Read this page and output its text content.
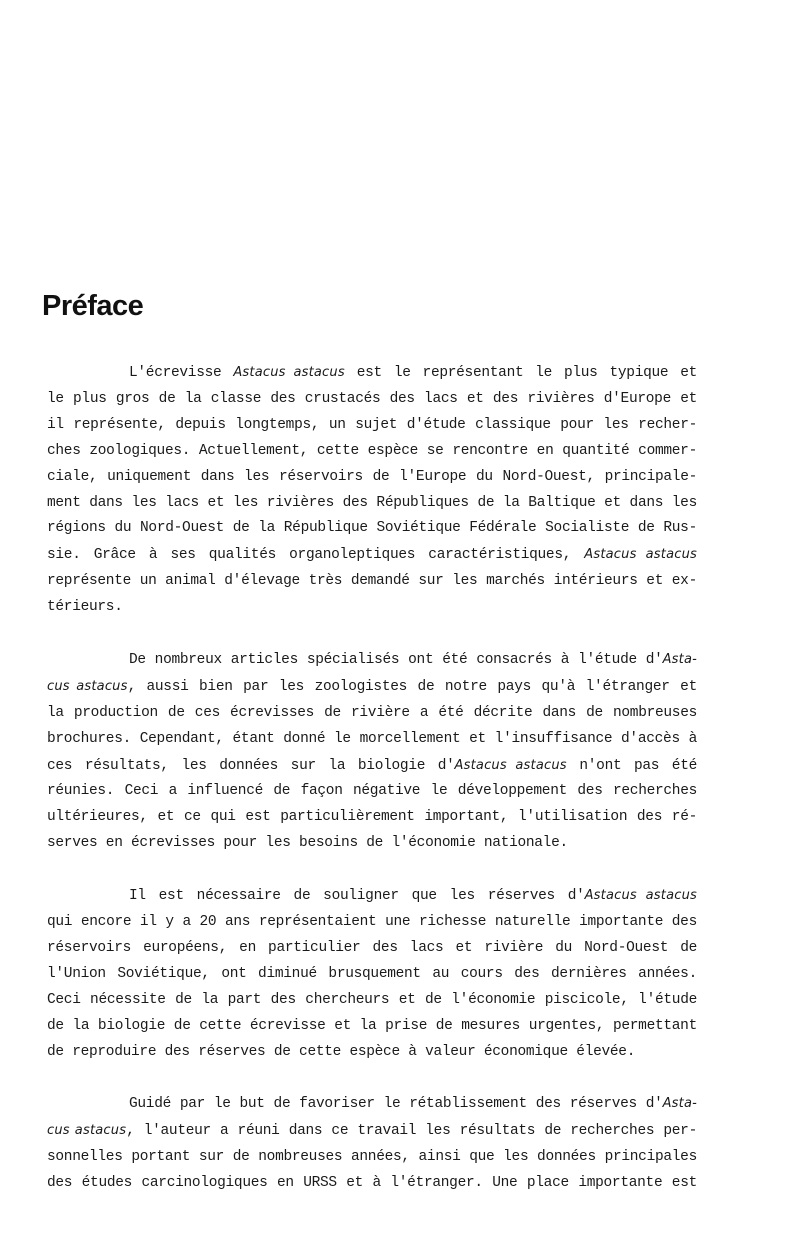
Préface
L'écrevisse Astacus astacus est le représentant le plus typique et
le plus gros de la classe des crustacés des lacs et des rivières d'Europe et
il représente, depuis longtemps, un sujet d'étude classique pour les recher-
ches zoologiques. Actuellement, cette espèce se rencontre en quantité commer-
ciale, uniquement dans les réservoirs de l'Europe du Nord-Ouest, principale-
ment dans les lacs et les rivières des Républiques de la Baltique et dans les
régions du Nord-Ouest de la République Soviétique Fédérale Socialiste de Rus-
sie. Grâce à ses qualités organoleptiques caractéristiques, Astacus astacus
représente un animal d'élevage très demandé sur les marchés intérieurs et ex-
térieurs.
De nombreux articles spécialisés ont été consacrés à l'étude d'Asta-
cus astacus, aussi bien par les zoologistes de notre pays qu'à l'étranger et
la production de ces écrevisses de rivière a été décrite dans de nombreuses
brochures. Cependant, étant donné le morcellement et l'insuffisance d'accès à
ces résultats, les données sur la biologie d'Astacus astacus n'ont pas été
réunies. Ceci a influencé de façon négative le développement des recherches
ultérieures, et ce qui est particulièrement important, l'utilisation des ré-
serves en écrevisses pour les besoins de l'économie nationale.
Il est nécessaire de souligner que les réserves d'Astacus astacus
qui encore il y a 20 ans représentaient une richesse naturelle importante des
réservoirs européens, en particulier des lacs et rivière du Nord-Ouest de
l'Union Soviétique, ont diminué brusquement au cours des dernières années.
Ceci nécessite de la part des chercheurs et de l'économie piscicole, l'étude
de la biologie de cette écrevisse et la prise de mesures urgentes, permettant
de reproduire des réserves de cette espèce à valeur économique élevée.
Guidé par le but de favoriser le rétablissement des réserves d'Asta-
cus astacus, l'auteur a réuni dans ce travail les résultats de recherches per-
sonnelles portant sur de nombreuses années, ainsi que les données principales
des études carcinologiques en URSS et à l'étranger. Une place importante est
